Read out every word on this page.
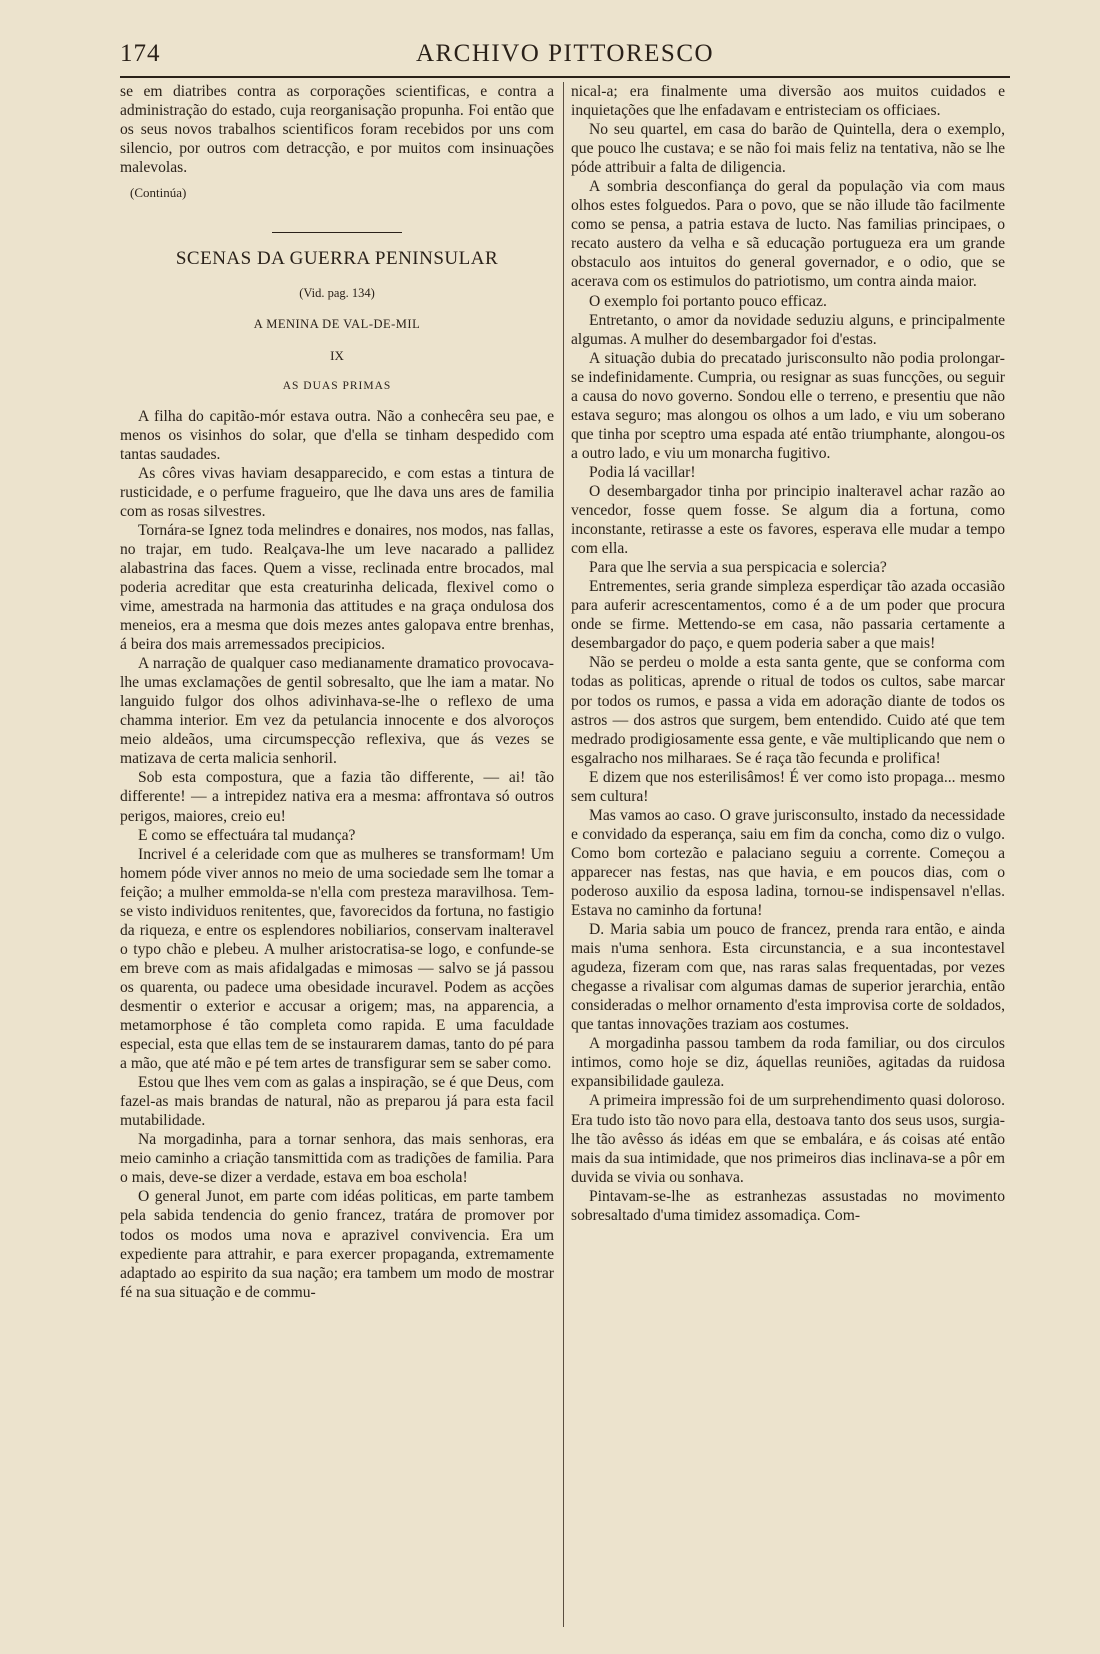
174	ARCHIVO PITTORESCO

se em diatribes contra as corporações scientificas, e contra a administração do estado, cuja reorganisação propunha. Foi então que os seus novos trabalhos scientificos foram recebidos por uns com silencio, por outros com detracção, e por muitos com insinuações malevolas.

(Continúa)
SCENAS DA GUERRA PENINSULAR
(Vid. pag. 134)
A MENINA DE VAL-DE-MIL
IX
AS DUAS PRIMAS

A filha do capitão-mór estava outra. Não a conhecêra seu pae, e menos os visinhos do solar, que d'ella se tinham despedido com tantas saudades.

As côres vivas haviam desapparecido, e com estas a tintura de rusticidade, e o perfume fragueiro, que lhe dava uns ares de familia com as rosas silvestres.

Tornára-se Ignez toda melindres e donaires, nos modos, nas fallas, no trajar, em tudo. Realçava-lhe um leve nacarado a pallidez alabastrina das faces. Quem a visse, reclinada entre brocados, mal poderia acreditar que esta creaturinha delicada, flexivel como o vime, amestrada na harmonia das attitudes e na graça ondulosa dos meneios, era a mesma que dois mezes antes galopava entre brenhas, á beira dos mais arremessados precipicios.

A narração de qualquer caso medianamente dramatico provocava-lhe umas exclamações de gentil sobresalto, que lhe iam a matar. No languido fulgor dos olhos adivinhava-se-lhe o reflexo de uma chamma interior. Em vez da petulancia innocente e dos alvoroços meio aldeãos, uma circumspecção reflexiva, que ás vezes se matizava de certa malicia senhoril.

Sob esta compostura, que a fazia tão differente, — ai! tão differente! — a intrepidez nativa era a mesma: affrontava só outros perigos, maiores, creio eu!

E como se effectuára tal mudança?

Incrivel é a celeridade com que as mulheres se transformam! Um homem póde viver annos no meio de uma sociedade sem lhe tomar a feição; a mulher emmolda-se n'ella com presteza maravilhosa. Tem-se visto individuos renitentes, que, favorecidos da fortuna, no fastigio da riqueza, e entre os esplendores nobiliarios, conservam inalteravel o typo chão e plebeu. A mulher aristocratisa-se logo, e confunde-se em breve com as mais afidalgadas e mimosas — salvo se já passou os quarenta, ou padece uma obesidade incuravel. Podem as acções desmentir o exterior e accusar a origem; mas, na apparencia, a metamorphose é tão completa como rapida. E uma faculdade especial, esta que ellas tem de se instaurarem damas, tanto do pé para a mão, que até mão e pé tem artes de transfigurar sem se saber como.

Estou que lhes vem com as galas a inspiração, se é que Deus, com fazel-as mais brandas de natural, não as preparou já para esta facil mutabilidade.

Na morgadinha, para a tornar senhora, das mais senhoras, era meio caminho a criação tansmittida com as tradições de familia. Para o mais, deve-se dizer a verdade, estava em boa eschola!

O general Junot, em parte com idéas politicas, em parte tambem pela sabida tendencia do genio francez, tratára de promover por todos os modos uma nova e aprazivel convivencia. Era um expediente para attrahir, e para exercer propaganda, extremamente adaptado ao espirito da sua nação; era tambem um modo de mostrar fé na sua situação e de commu-

nical-a; era finalmente uma diversão aos muitos cuidados e inquietações que lhe enfadavam e entristeciam os officiaes.

No seu quartel, em casa do barão de Quintella, dera o exemplo, que pouco lhe custava; e se não foi mais feliz na tentativa, não se lhe póde attribuir a falta de diligencia.

A sombria desconfiança do geral da população via com maus olhos estes folguedos. Para o povo, que se não illude tão facilmente como se pensa, a patria estava de lucto. Nas familias principaes, o recato austero da velha e sã educação portugueza era um grande obstaculo aos intuitos do general governador, e o odio, que se acerava com os estimulos do patriotismo, um contra ainda maior.

O exemplo foi portanto pouco efficaz.

Entretanto, o amor da novidade seduziu alguns, e principalmente algumas. A mulher do desembargador foi d'estas.

A situação dubia do precatado jurisconsulto não podia prolongar-se indefinidamente. Cumpria, ou resignar as suas funcções, ou seguir a causa do novo governo. Sondou elle o terreno, e presentiu que não estava seguro; mas alongou os olhos a um lado, e viu um soberano que tinha por sceptro uma espada até então triumphante, alongou-os a outro lado, e viu um monarcha fugitivo.

Podia lá vacillar!

O desembargador tinha por principio inalteravel achar razão ao vencedor, fosse quem fosse. Se algum dia a fortuna, como inconstante, retirasse a este os favores, esperava elle mudar a tempo com ella.

Para que lhe servia a sua perspicacia e solercia?

Entrementes, seria grande simpleza esperdiçar tão azada occasião para auferir acrescentamentos, como é a de um poder que procura onde se firme. Mettendo-se em casa, não passaria certamente a desembargador do paço, e quem poderia saber a que mais!

Não se perdeu o molde a esta santa gente, que se conforma com todas as politicas, aprende o ritual de todos os cultos, sabe marcar por todos os rumos, e passa a vida em adoração diante de todos os astros — dos astros que surgem, bem entendido. Cuido até que tem medrado prodigiosamente essa gente, e vãe multiplicando que nem o esgalracho nos milharaes. Se é raça tão fecunda e prolifica!

E dizem que nos esterilisâmos! É ver como isto propaga... mesmo sem cultura!

Mas vamos ao caso. O grave jurisconsulto, instado da necessidade e convidado da esperança, saiu em fim da concha, como diz o vulgo. Como bom cortezão e palaciano seguiu a corrente. Começou a apparecer nas festas, nas que havia, e em poucos dias, com o poderoso auxilio da esposa ladina, tornou-se indispensavel n'ellas. Estava no caminho da fortuna!

D. Maria sabia um pouco de francez, prenda rara então, e ainda mais n'uma senhora. Esta circunstancia, e a sua incontestavel agudeza, fizeram com que, nas raras salas frequentadas, por vezes chegasse a rivalisar com algumas damas de superior jerarchia, então consideradas o melhor ornamento d'esta improvisa corte de soldados, que tantas innovações traziam aos costumes.

A morgadinha passou tambem da roda familiar, ou dos circulos intimos, como hoje se diz, áquellas reuniões, agitadas da ruidosa expansibilidade gauleza.

A primeira impressão foi de um surprehendimento quasi doloroso. Era tudo isto tão novo para ella, destoava tanto dos seus usos, surgia-lhe tão avêsso ás idéas em que se embalára, e ás coisas até então mais da sua intimidade, que nos primeiros dias inclinava-se a pôr em duvida se vivia ou sonhava.

Pintavam-se-lhe as estranhezas assustadas no movimento sobresaltado d'uma timidez assomadiça. Com-
